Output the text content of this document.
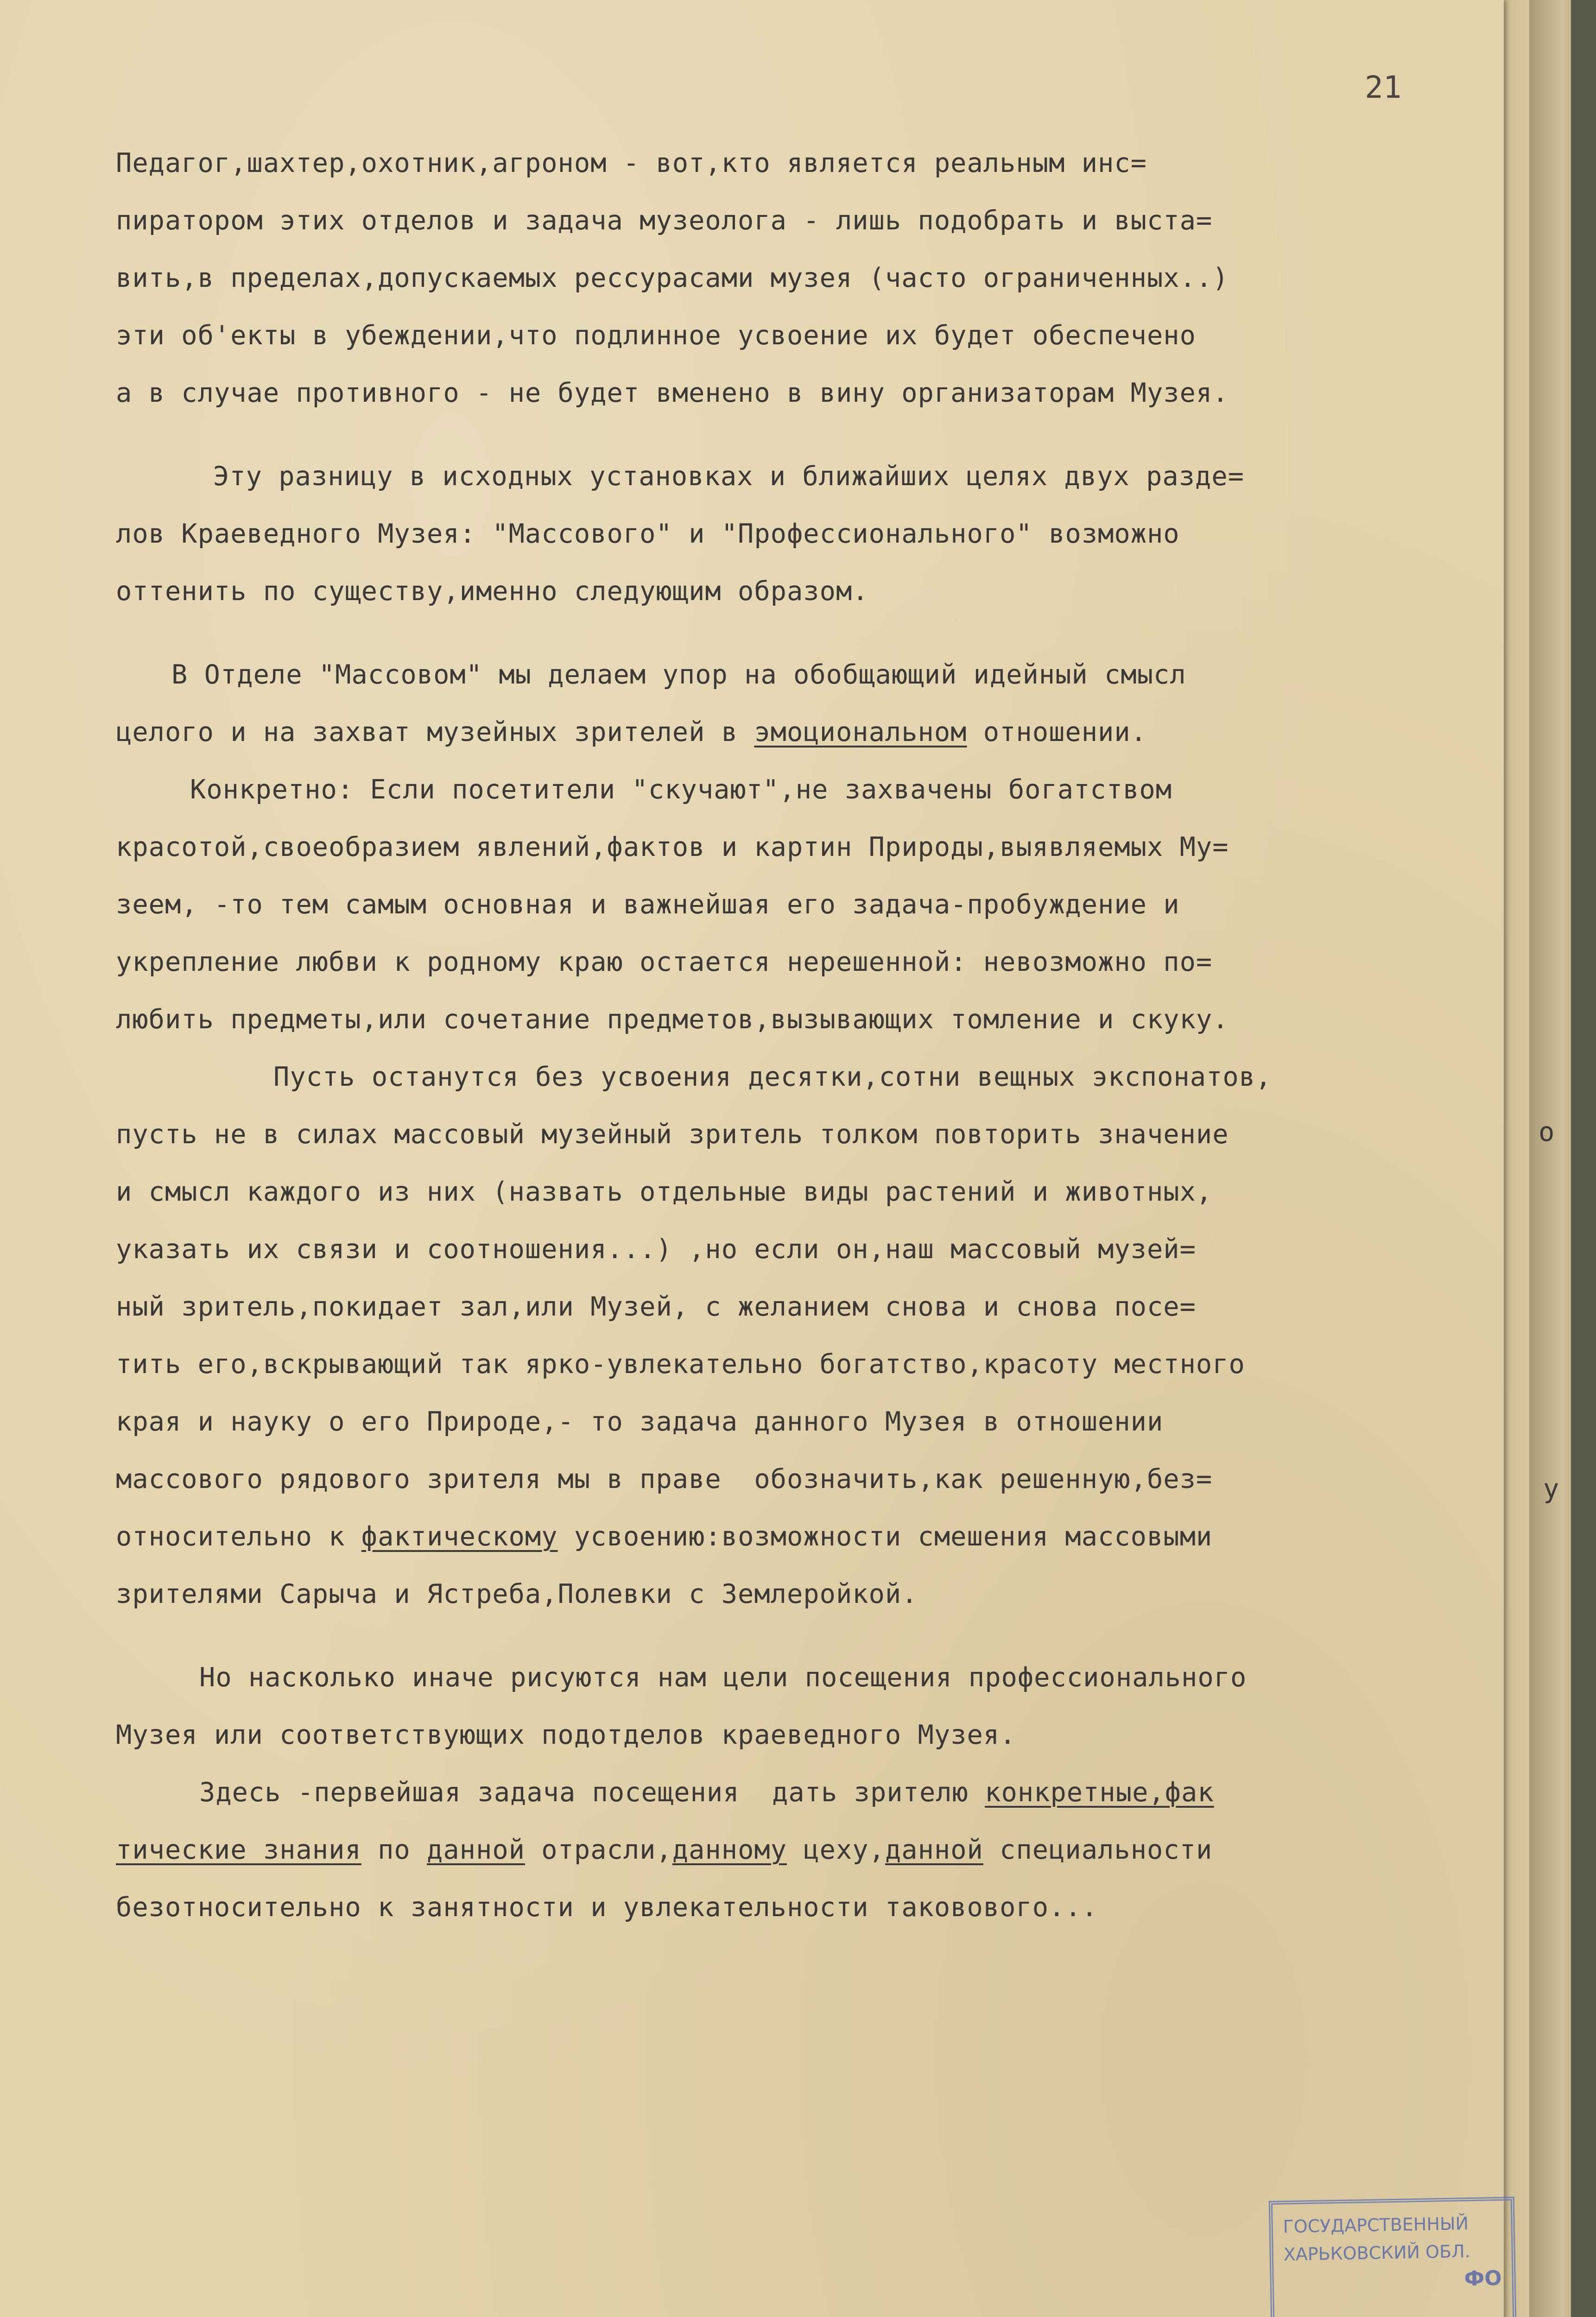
21
Педагог,шахтер,охотник,агроном - вот,кто является реальным инс=
пиратором этих отделов и задача музеолога - лишь подобрать и выста=
вить,в пределах,допускаемых рессурасами музея (часто ограниченных..)
эти об'екты в убеждении,что подлинное усвоение их будет обеспечено
а в случае противного - не будет вменено в вину организаторам Музея.
Эту разницу в исходных установках и ближайших целях двух разде=
лов Краеведного Музея: "Массового" и "Профессионального" возможно
оттенить по существу,именно следующим образом.
В Отделе "Массовом" мы делаем упор на обобщающий идейный смысл
целого и на захват музейных зрителей в эмоциональном отношении.
Конкретно: Если посетители "скучают",не захвачены богатством
красотой,своеобразием явлений,фактов и картин Природы,выявляемых Му=
зеем, -то тем самым основная и важнейшая его задача-пробуждение и
укрепление любви к родному краю остается нерешенной: невозможно по=
любить предметы,или сочетание предметов,вызывающих томление и скуку.
Пусть останутся без усвоения десятки,сотни вещных экспонатов,
пусть не в силах массовый музейный зритель толком повторить значение
и смысл каждого из них (назвать отдельные виды растений и животных,
указать их связи и соотношения...) ,но если он,наш массовый музей=
ный зритель,покидает зал,или Музей, с желанием снова и снова посе=
тить его,вскрывающий так ярко-увлекательно богатство,красоту местного
края и науку о его Природе,- то задача данного Музея в отношении
массового рядового зрителя мы в праве  обозначить,как решенную,без=
относительно к фактическому усвоению:возможности смешения массовыми
зрителями Сарыча и Ястреба,Полевки с Землеройкой.
Но насколько иначе рисуются нам цели посещения профессионального
Музея или соответствующих подотделов краеведного Музея.
Здесь -первейшая задача посещения  дать зрителю конкретные,фак
тические знания по данной отрасли,данному цеху,данной специальности
безотносительно к занятности и увлекательности таковового...
ГОСУДАРСТВЕННЫЙ
ХАРЬКОВСКИЙ ОБЛ.
ФО
о
у
